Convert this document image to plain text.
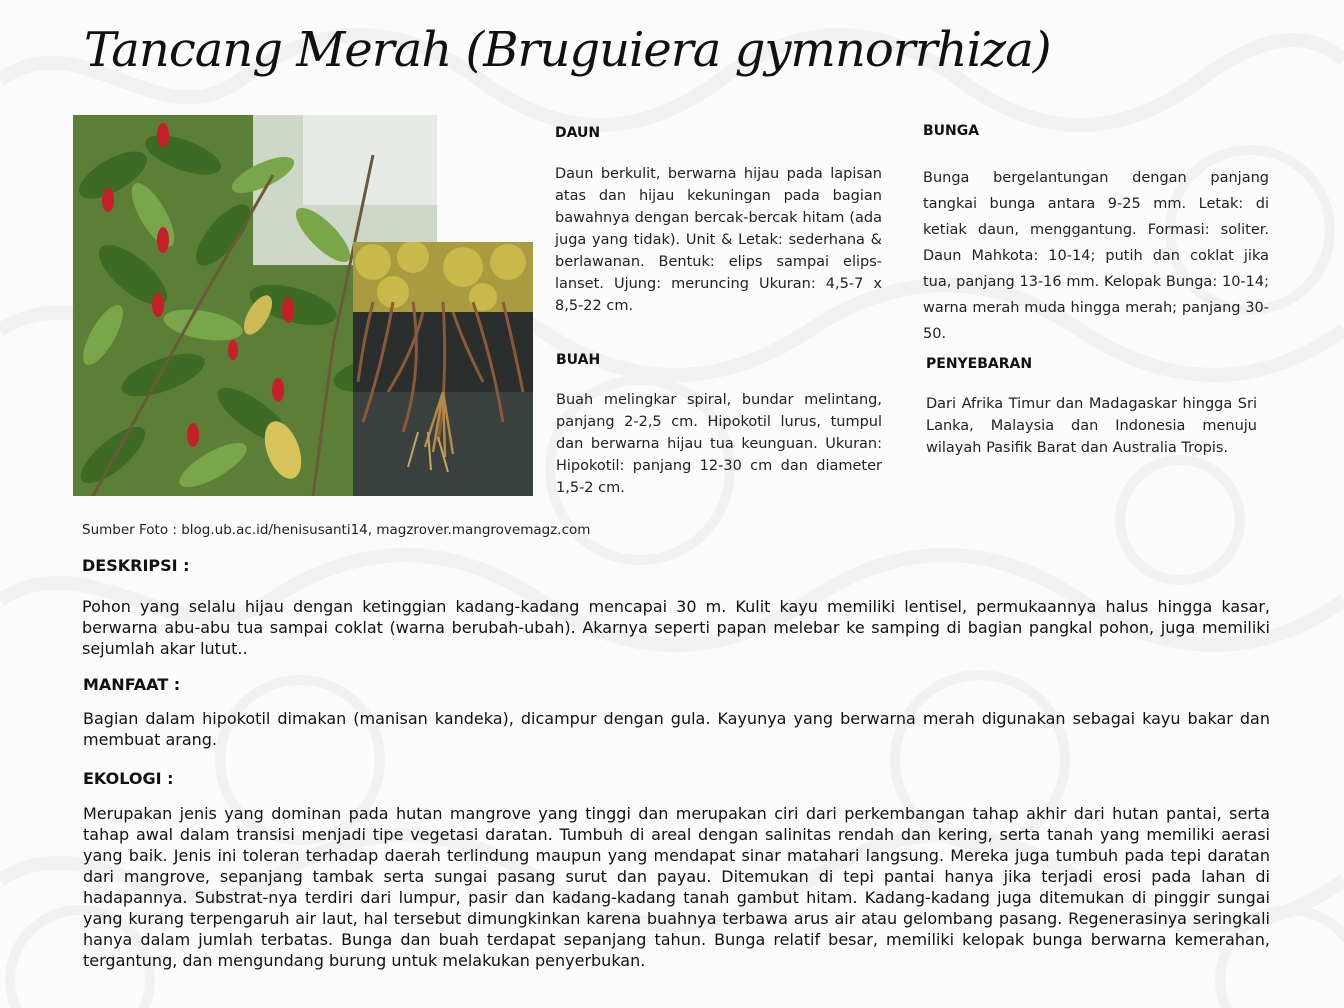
Tancang Merah (Bruguiera gymnorrhiza)
DAUN
Daun berkulit, berwarna hijau pada lapisan atas dan hijau kekuningan pada bagian bawahnya dengan bercak-bercak hitam (ada juga yang tidak). Unit & Letak: sederhana & berlawanan. Bentuk: elips sampai elips-lanset. Ujung: meruncing Ukuran: 4,5-7 x 8,5-22 cm.
BUAH
Buah melingkar spiral, bundar melintang, panjang 2-2,5 cm. Hipokotil lurus, tumpul dan berwarna hijau tua keunguan. Ukuran: Hipokotil: panjang 12-30 cm dan diameter 1,5-2 cm.
BUNGA
Bunga bergelantungan dengan panjang tangkai bunga antara 9-25 mm. Letak: di ketiak daun, menggantung. Formasi: soliter. Daun Mahkota: 10-14; putih dan coklat jika tua, panjang 13-16 mm. Kelopak Bunga: 10-14; warna merah muda hingga merah; panjang 30-50.
PENYEBARAN
Dari Afrika Timur dan Madagaskar hingga Sri Lanka, Malaysia dan Indonesia menuju wilayah Pasifik Barat dan Australia Tropis.
Sumber Foto : blog.ub.ac.id/henisusanti14, magzrover.mangrovemagz.com
DESKRIPSI :
Pohon yang selalu hijau dengan ketinggian kadang-kadang mencapai 30 m. Kulit kayu memiliki lentisel, permukaannya halus hingga kasar, berwarna abu-abu tua sampai coklat (warna berubah-ubah). Akarnya seperti papan melebar ke samping di bagian pangkal pohon, juga memiliki sejumlah akar lutut..
MANFAAT :
Bagian dalam hipokotil dimakan (manisan kandeka), dicampur dengan gula. Kayunya yang berwarna merah digunakan sebagai kayu bakar dan membuat arang.
EKOLOGI :
Merupakan jenis yang dominan pada hutan mangrove yang tinggi dan merupakan ciri dari perkembangan tahap akhir dari hutan pantai, serta tahap awal dalam transisi menjadi tipe vegetasi daratan. Tumbuh di areal dengan salinitas rendah dan kering, serta tanah yang memiliki aerasi yang baik. Jenis ini toleran terhadap daerah terlindung maupun yang mendapat sinar matahari langsung. Mereka juga tumbuh pada tepi daratan dari mangrove, sepanjang tambak serta sungai pasang surut dan payau. Ditemukan di tepi pantai hanya jika terjadi erosi pada lahan di hadapannya. Substrat-nya terdiri dari lumpur, pasir dan kadang-kadang tanah gambut hitam. Kadang-kadang juga ditemukan di pinggir sungai yang kurang terpengaruh air laut, hal tersebut dimungkinkan karena buahnya terbawa arus air atau gelombang pasang. Regenerasinya seringkali hanya dalam jumlah terbatas. Bunga dan buah terdapat sepanjang tahun. Bunga relatif besar, memiliki kelopak bunga berwarna kemerahan, tergantung, dan mengundang burung untuk melakukan penyerbukan.
